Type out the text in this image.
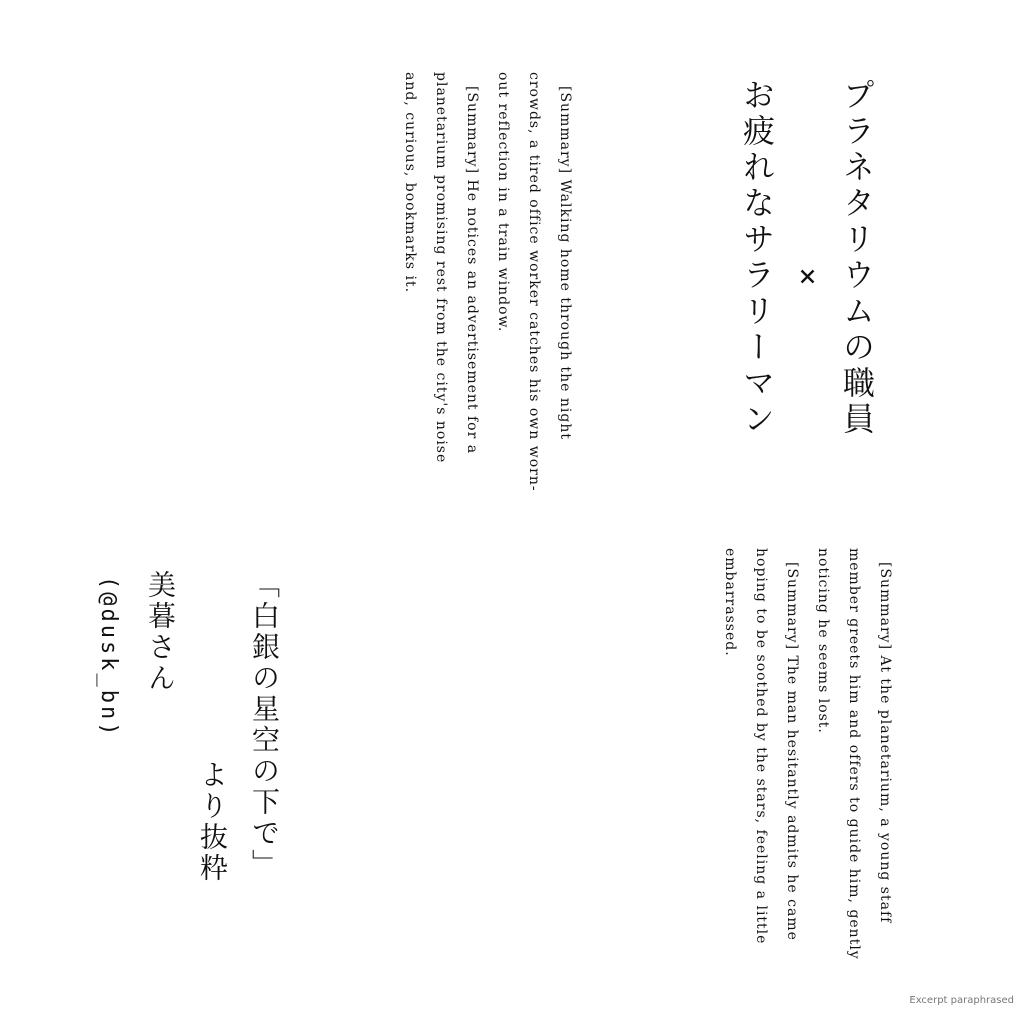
プラネタリウムの職員
×
お疲れなサラリーマン

[Summary] Walking home through the night crowds, a tired office worker catches his own worn-out reflection in a train window.

[Summary] He notices an advertisement for a planetarium promising rest from the city's noise and, curious, bookmarks it.

[Summary] At the planetarium, a young staff member greets him and offers to guide him, gently noticing he seems lost.

[Summary] The man hesitantly admits he came hoping to be soothed by the stars, feeling a little embarrassed.

「白銀の星空の下で」
より抜粋
美暮さん
(@dusk_bn)
Excerpt paraphrased
